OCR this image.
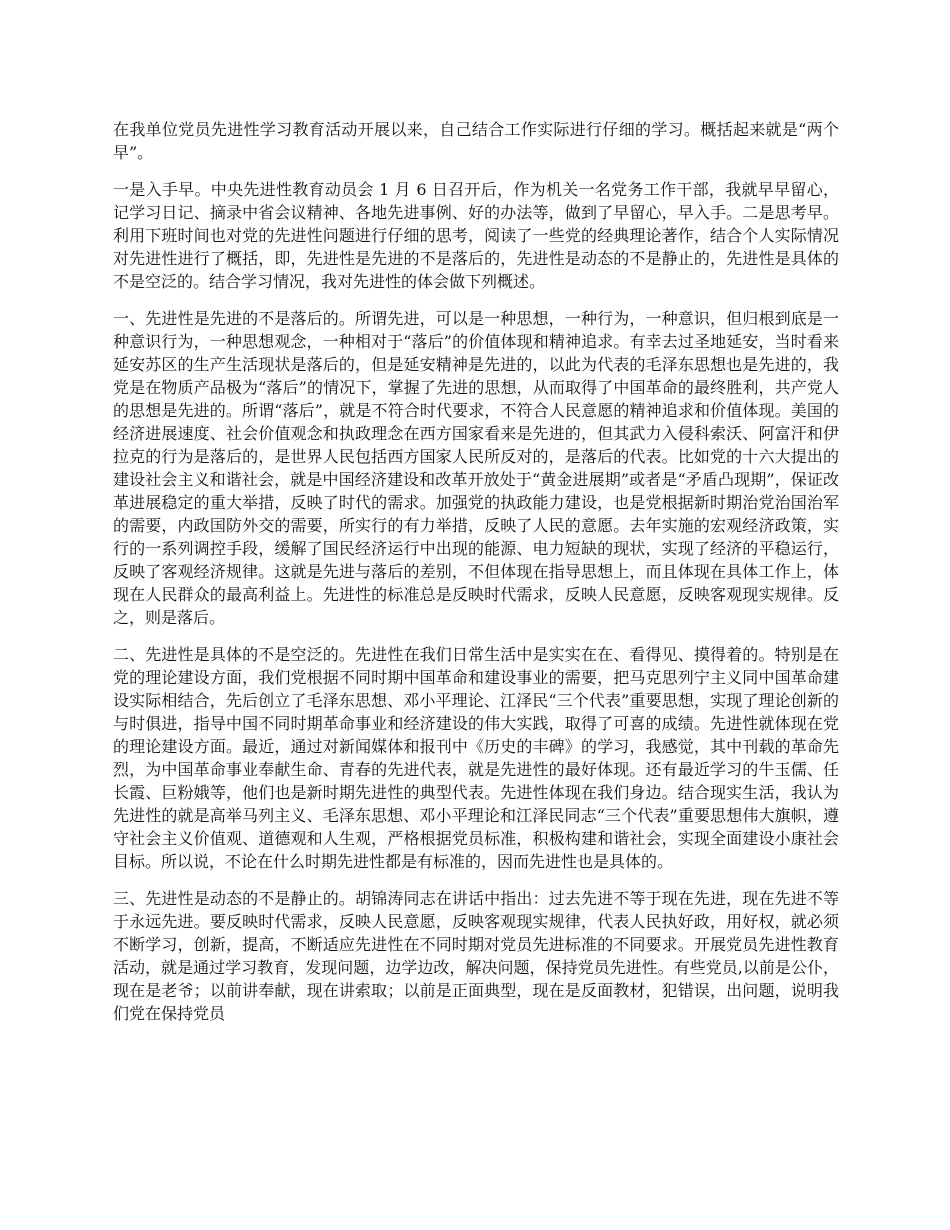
在我单位党员先进性学习教育活动开展以来，自己结合工作实际进行仔细的学习。概括起来就是“两个早”。

一是入手早。中央先进性教育动员会 1 月 6 日召开后，作为机关一名党务工作干部，我就早早留心，记学习日记、摘录中省会议精神、各地先进事例、好的办法等，做到了早留心，早入手。二是思考早。利用下班时间也对党的先进性问题进行仔细的思考，阅读了一些党的经典理论著作，结合个人实际情况对先进性进行了概括，即，先进性是先进的不是落后的，先进性是动态的不是静止的，先进性是具体的不是空泛的。结合学习情况，我对先进性的体会做下列概述。

一、先进性是先进的不是落后的。所谓先进，可以是一种思想，一种行为，一种意识，但归根到底是一种意识行为，一种思想观念，一种相对于“落后”的价值体现和精神追求。有幸去过圣地延安，当时看来延安苏区的生产生活现状是落后的，但是延安精神是先进的，以此为代表的毛泽东思想也是先进的，我党是在物质产品极为“落后”的情况下，掌握了先进的思想，从而取得了中国革命的最终胜利，共产党人的思想是先进的。所谓“落后”，就是不符合时代要求，不符合人民意愿的精神追求和价值体现。美国的经济进展速度、社会价值观念和执政理念在西方国家看来是先进的，但其武力入侵科索沃、阿富汗和伊拉克的行为是落后的，是世界人民包括西方国家人民所反对的，是落后的代表。比如党的十六大提出的建设社会主义和谐社会，就是中国经济建设和改革开放处于“黄金进展期”或者是“矛盾凸现期”，保证改革进展稳定的重大举措，反映了时代的需求。加强党的执政能力建设，也是党根据新时期治党治国治军的需要，内政国防外交的需要，所实行的有力举措，反映了人民的意愿。去年实施的宏观经济政策，实行的一系列调控手段，缓解了国民经济运行中出现的能源、电力短缺的现状，实现了经济的平稳运行，反映了客观经济规律。这就是先进与落后的差别，不但体现在指导思想上，而且体现在具体工作上，体现在人民群众的最高利益上。先进性的标准总是反映时代需求，反映人民意愿，反映客观现实规律。反之，则是落后。

二、先进性是具体的不是空泛的。先进性在我们日常生活中是实实在在、看得见、摸得着的。特别是在党的理论建设方面，我们党根据不同时期中国革命和建设事业的需要，把马克思列宁主义同中国革命建设实际相结合，先后创立了毛泽东思想、邓小平理论、江泽民“三个代表”重要思想，实现了理论创新的与时俱进，指导中国不同时期革命事业和经济建设的伟大实践，取得了可喜的成绩。先进性就体现在党的理论建设方面。最近，通过对新闻媒体和报刊中《历史的丰碑》的学习，我感觉，其中刊载的革命先烈，为中国革命事业奉献生命、青春的先进代表，就是先进性的最好体现。还有最近学习的牛玉儒、任长霞、巨粉娥等，他们也是新时期先进性的典型代表。先进性体现在我们身边。结合现实生活，我认为先进性的就是高举马列主义、毛泽东思想、邓小平理论和江泽民同志“三个代表”重要思想伟大旗帜，遵守社会主义价值观、道德观和人生观，严格根据党员标准，积极构建和谐社会，实现全面建设小康社会目标。所以说，不论在什么时期先进性都是有标准的，因而先进性也是具体的。

三、先进性是动态的不是静止的。胡锦涛同志在讲话中指出：过去先进不等于现在先进，现在先进不等于永远先进。要反映时代需求，反映人民意愿，反映客观现实规律，代表人民执好政，用好权，就必须不断学习，创新，提高，不断适应先进性在不同时期对党员先进标准的不同要求。开展党员先进性教育活动，就是通过学习教育，发现问题，边学边改，解决问题，保持党员先进性。有些党员,以前是公仆，现在是老爷；以前讲奉献，现在讲索取；以前是正面典型，现在是反面教材，犯错误，出问题，说明我们党在保持党员
